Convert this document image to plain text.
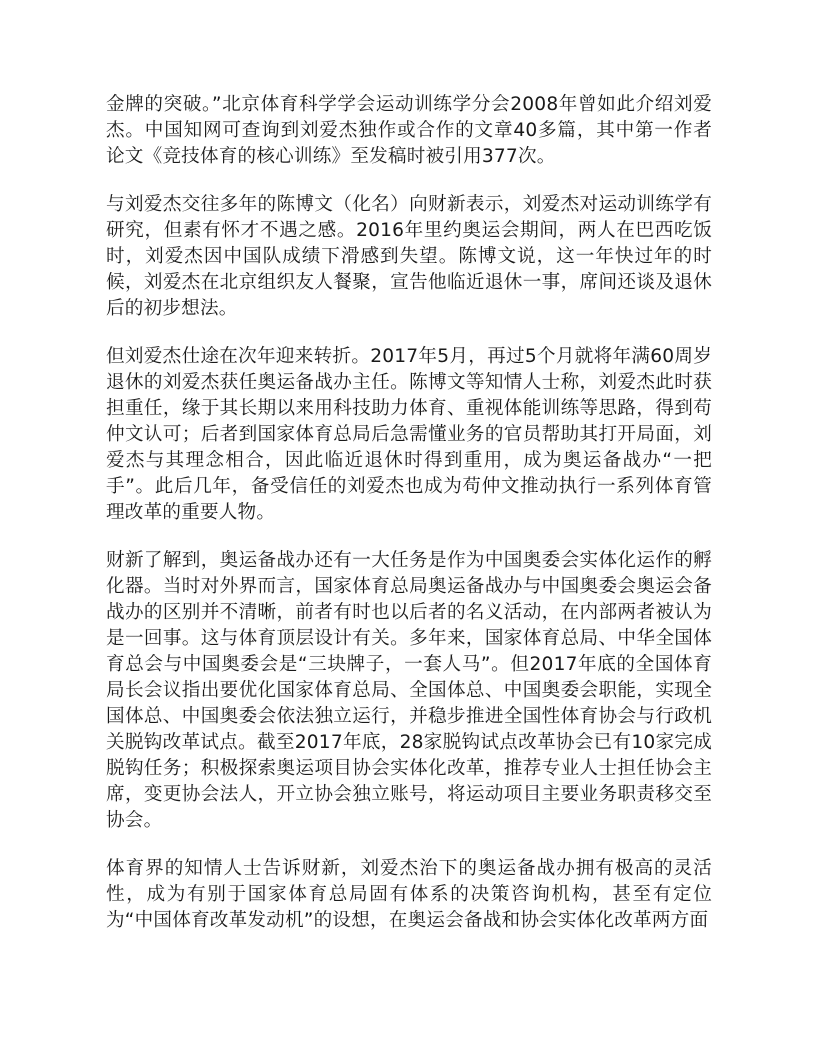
金牌的突破。”北京体育科学学会运动训练学分会2008年曾如此介绍刘爱杰。中国知网可查询到刘爱杰独作或合作的文章40多篇，其中第一作者论文《竞技体育的核心训练》至发稿时被引用377次。

与刘爱杰交往多年的陈博文（化名）向财新表示，刘爱杰对运动训练学有研究，但素有怀才不遇之感。2016年里约奥运会期间，两人在巴西吃饭时，刘爱杰因中国队成绩下滑感到失望。陈博文说，这一年快过年的时候，刘爱杰在北京组织友人餐聚，宣告他临近退休一事，席间还谈及退休后的初步想法。

但刘爱杰仕途在次年迎来转折。2017年5月，再过5个月就将年满60周岁退休的刘爱杰获任奥运备战办主任。陈博文等知情人士称，刘爱杰此时获担重任，缘于其长期以来用科技助力体育、重视体能训练等思路，得到苟仲文认可；后者到国家体育总局后急需懂业务的官员帮助其打开局面，刘爱杰与其理念相合，因此临近退休时得到重用，成为奥运备战办“一把手”。此后几年，备受信任的刘爱杰也成为苟仲文推动执行一系列体育管理改革的重要人物。

财新了解到，奥运备战办还有一大任务是作为中国奥委会实体化运作的孵化器。当时对外界而言，国家体育总局奥运备战办与中国奥委会奥运会备战办的区别并不清晰，前者有时也以后者的名义活动，在内部两者被认为是一回事。这与体育顶层设计有关。多年来，国家体育总局、中华全国体育总会与中国奥委会是“三块牌子，一套人马”。但2017年底的全国体育局长会议指出要优化国家体育总局、全国体总、中国奥委会职能，实现全国体总、中国奥委会依法独立运行，并稳步推进全国性体育协会与行政机关脱钩改革试点。截至2017年底，28家脱钩试点改革协会已有10家完成脱钩任务；积极探索奥运项目协会实体化改革，推荐专业人士担任协会主席，变更协会法人，开立协会独立账号，将运动项目主要业务职责移交至协会。

体育界的知情人士告诉财新，刘爱杰治下的奥运备战办拥有极高的灵活性，成为有别于国家体育总局固有体系的决策咨询机构，甚至有定位为“中国体育改革发动机”的设想，在奥运会备战和协会实体化改革两方面
